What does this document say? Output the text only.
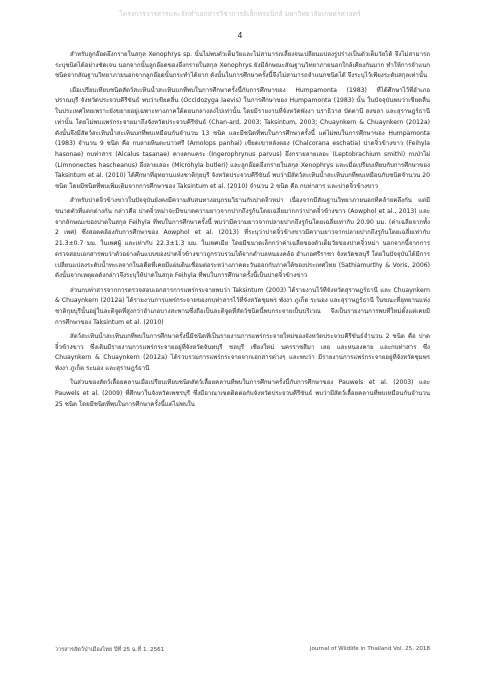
โครงการวารสารและจัดทำเอกสารวิชาการอิเล็กทรอนิกส์ มหาวิทยาลัยเกษตรศาสตร์
4

สำหรับลูกอ๊อดอึ่งกรายในสกุล Xenophrys sp. นั้นไม่พบตัวเต็มวัยและไม่สามารถเลี้ยงจนเปลี่ยนแปลงรูปร่างเป็นตัวเต็มวัยได้ จึงไม่สามารถระบุชนิดได้อย่างชัดเจน นอกจากนั้นลูกอ๊อดของอึ่งกรายในสกุล Xenophrys ยังมีลักษณะสัณฐานวิทยาภายนอกใกล้เคียงกันมาก ทำให้การจำแนกชนิดจากสัณฐานวิทยาภายนอกจากลูกอ๊อดนั้นกระทำได้ยาก ดังนั้นในการศึกษาครั้งนี้จึงไม่สามารถจำแนกชนิดได้ จึงระบุไว้เพียงระดับสกุลเท่านั้น

เมื่อเปรียบเทียบชนิดสัตว์สะเทินน้ำสะเทินบกที่พบในการศึกษาครั้งนี้กับการศึกษาของ Humpamonta (1983) ที่ได้ศึกษาไว้ที่อำเภอปราณบุรี จังหวัดประจวบคีรีขันธ์ พบว่าเขียดลื่น (Occidozyga laevis) ในการศึกษาของ Humpamonta (1983) นั้น ในปัจจุบันพบว่าเขียดลื่นในประเทศไทยเพราะยังขยายอยู่เฉพาะทางภาคใต้ตอนกลางลงไปเท่านั้น โดยมีรายงานที่จังหวัดพังงา นราธิวาส ปัตตานี สงขลา และสุราษฎร์ธานี เท่านั้น โดยไม่พบแพร่กระจายมาถึงจังหวัดประจวบคีรีขันธ์ (Chan-ard, 2003; Taksintum, 2003; Chuaynkern & Chuaynkern (2012a) ดังนั้นจึงมีสัตว์สะเทินน้ำสะเทินบกที่พบเหมือนกันจำนวน 13 ชนิด และมีชนิดที่พบในการศึกษาครั้งนี้ แต่ไม่พบในการศึกษาของ Humpamonta (1983) จำนวน 9 ชนิด คือ กบลายหินตะนาวศรี (Amolops panhai) เขียดเขาหลังตอง (Chalcorana eschatia) ปาดจิ๋วข้างขาว (Feihyla hasonae) กบท่าสาร (Alcalus tasanae) คางคกแคระ (Ingerophrynus parvus) อึ่งกรายลายเลอะ (Leptobrachium smithi) กบป่าไผ่ (Limnonectes hascheanus) อึ่งลายเลอะ (Microhyla butleri) และลูกอ๊อดอึ่งกรายในสกุล Xenophrys และเมื่อเปรียบเทียบกับการศึกษาของ Taksintum et al. (2010) ได้ศึกษาที่อุทยานแห่งชาติกุยบุรี จังหวัดประจวบคีรีขันธ์ พบว่ามีสัตว์สะเทินน้ำสะเทินบกที่พบเหมือนกับชนิดจำนวน 20 ชนิด โดยมีชนิดที่พบเพิ่มเติมจากการศึกษาของ Taksintum et al. (2010) จำนวน 2 ชนิด คือ กบท่าสาร และปาดจิ๋วข้างขาว

สำหรับปาดจิ๋วข้างขาวในปัจจุบันยังคงมีความสับสนทางอนุกรมวิธานกับปาดจิ๋วหม่า เนื่องจากมีสัณฐานวิทยาภายนอกที่คล้ายคลึงกัน แต่มีขนาดตัวที่แตกต่างกัน กล่าวคือ ปาดจิ๋วหม่าจะมีขนาดความยาวจากปากถึงรูก้นโดยเฉลี่ยมากกว่าปาดจิ๋วข้างขาว (Aowphol et al., 2013) และจากลักษณะของปาดในสกุล Feihyla ที่พบในการศึกษาครั้งนี้ พบว่ามีความยาวจากปลายปากถึงรูก้นโดยเฉลี่ยเท่ากับ 20.90 มม. (ค่าเฉลี่ยจากทั้ง 2 เพศ) ซึ่งสอดคล้องกับการศึกษาของ Aowphol et al. (2013) ที่ระบุว่าปาดจิ๋วข้างขาวมีความยาวจากปลายปากถึงรูก้นโดยเฉลี่ยเท่ากับ 21.3±0.7 มม. ในเพศผู้ และเท่ากับ 22.3±1.3 มม. ในเพศเมีย โดยมีขนาดเล็กกว่าค่าเฉลี่ยของตัวเต็มวัยของปาดจิ๋วหม่า นอกจากนี้จากการตรวจสอบเอกสารพบว่าตัวอย่างต้นแบบของปาดจิ๋วข้างขาวถูกรวบรวมได้จากตำบลหนองคล้อ อำเภอศรีราชา จังหวัดชลบุรี โดยในปัจจุบันได้มีการเปลี่ยนแปลงระดับน้ำทะเลจากในอดีตที่เคยมีแผ่นดินเชื่อมต่อระหว่างภาคตะวันออกกับภาคใต้ของประเทศไทย (Sathiamurthy & Voris, 2006) ดังนั้นจากเหตุผลดังกล่าวจึงระบุให้ปาดในสกุล Feihyla ที่พบในการศึกษาครั้งนี้เป็นปาดจิ๋วข้างขาว

ส่วนกบท่าสารจากการตรวจสอบเอกสารการแพร่กระจายพบว่า Taksintum (2003) ได้รายงานไว้ที่จังหวัดสุราษฎร์ธานี และ Chuaynkern & Chuaynkern (2012a) ได้รายงานการแพร่กระจายของกบท่าสารไว้ที่จังหวัดชุมพร พังงา ภูเก็ต ระนอง และสุราษฎร์ธานี ในขณะที่อุทยานแห่งชาติกุยบุรีนั้นอยู่ในละติจูดที่สูงกว่าอำเภอบางสะพานซึ่งถือเป็นละติจูดที่สัตว์ชนิดนี้พบกระจายเป็นบริเวณ จึงเป็นรายงานการพบที่ใหม่ตั้งแต่เคยมีการศึกษาของ Taksintum et al. (2010)

สัตว์สะเทินน้ำสะเทินบกที่พบในการศึกษาครั้งนี้มีชนิดที่เป็นรายงานการแพร่กระจายใหม่ของจังหวัดประจวบคีรีขันธ์จำนวน 2 ชนิด คือ ปาดจิ๋วข้างขาว ซึ่งเดิมมีรายงานการแพร่กระจายอยู่ที่จังหวัดจันทบุรี ชลบุรี เชียงใหม่ นครราชสีมา เลย และหนองคาย และกบท่าสาร ซึ่ง Chuaynkern & Chuaynkern (2012a) ได้รวบรวมการแพร่กระจายจากเอกสารต่างๆ และพบว่า มีรายงานการแพร่กระจายอยู่ที่จังหวัดชุมพร พังงา ภูเก็ต ระนอง และสุราษฎร์ธานี

ในส่วนของสัตว์เลื้อยคลานเมื่อเปรียบเทียบชนิดสัตว์เลื้อยคลานที่พบในการศึกษาครั้งนี้กับการศึกษาของ Pauwels et al. (2003) และ Pauwels et al. (2009) ที่ศึกษาในจังหวัดเพชรบุรี ซึ่งมีอาณาเขตติดต่อกับจังหวัดประจวบคีรีขันธ์ พบว่ามีสัตว์เลื้อยคลานที่พบเหมือนกันจำนวน 25 ชนิด โดยมีชนิดที่พบในการศึกษาครั้งนี้แต่ไม่พบใน

วารสารสัตว์ป่าเมืองไทย ปีที่ 25 ฉ.ที่ 1. 2561	Journal of Wildlife in Thailand Vol. 25, 2018
